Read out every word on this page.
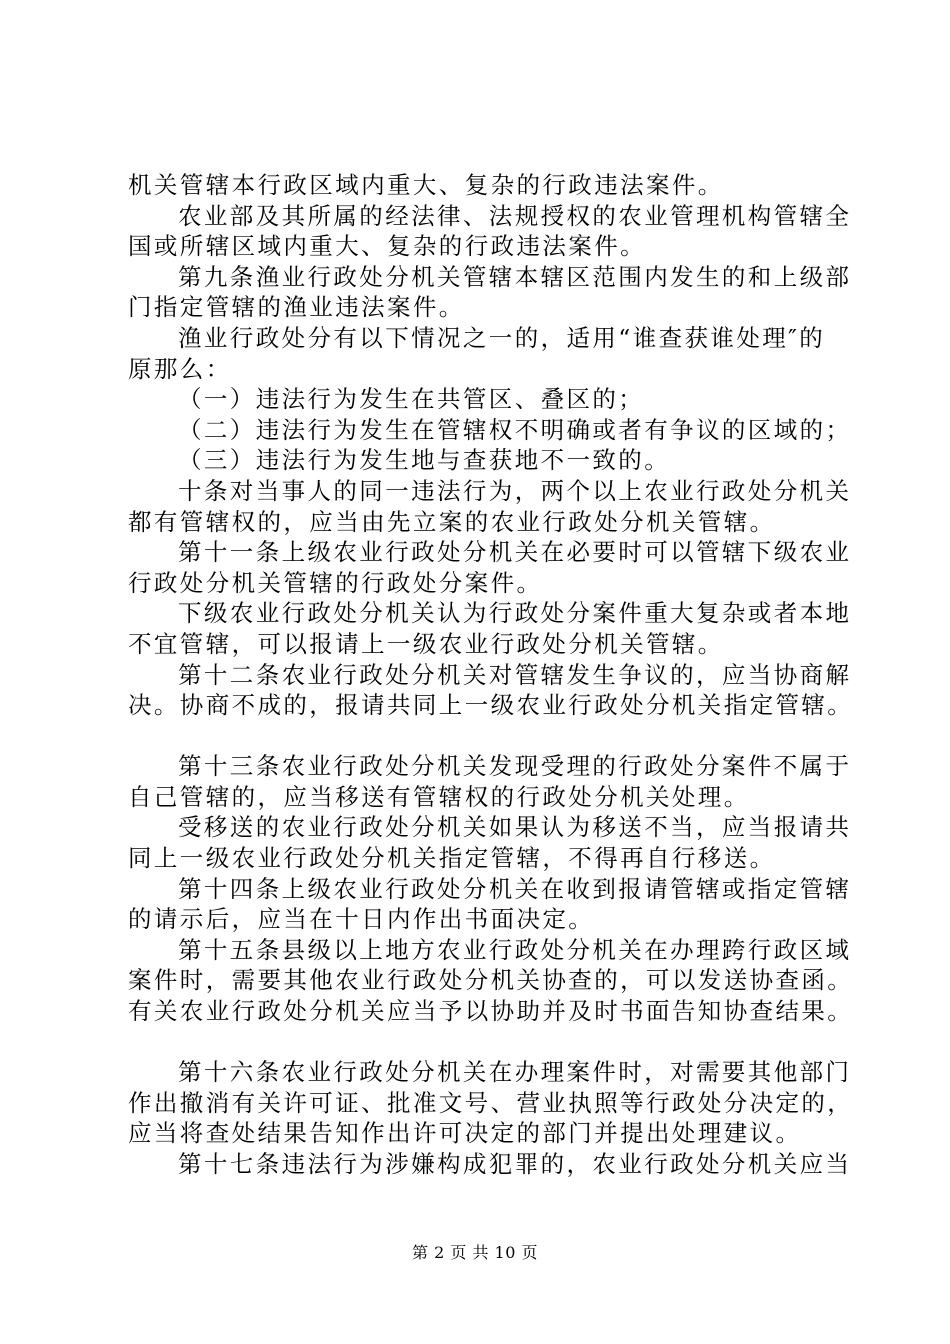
机关管辖本行政区域内重大、复杂的行政违法案件。
农业部及其所属的经法律、法规授权的农业管理机构管辖全
国或所辖区域内重大、复杂的行政违法案件。
第九条渔业行政处分机关管辖本辖区范围内发生的和上级部
门指定管辖的渔业违法案件。
渔业行政处分有以下情况之一的，适用“谁查获谁处理″的
原那么：
（一）违法行为发生在共管区、叠区的；
（二）违法行为发生在管辖权不明确或者有争议的区域的；
（三）违法行为发生地与查获地不一致的。
十条对当事人的同一违法行为，两个以上农业行政处分机关
都有管辖权的，应当由先立案的农业行政处分机关管辖。
第十一条上级农业行政处分机关在必要时可以管辖下级农业
行政处分机关管辖的行政处分案件。
下级农业行政处分机关认为行政处分案件重大复杂或者本地
不宜管辖，可以报请上一级农业行政处分机关管辖。
第十二条农业行政处分机关对管辖发生争议的，应当协商解
决。协商不成的，报请共同上一级农业行政处分机关指定管辖。
第十三条农业行政处分机关发现受理的行政处分案件不属于
自己管辖的，应当移送有管辖权的行政处分机关处理。
受移送的农业行政处分机关如果认为移送不当，应当报请共
同上一级农业行政处分机关指定管辖，不得再自行移送。
第十四条上级农业行政处分机关在收到报请管辖或指定管辖
的请示后，应当在十日内作出书面决定。
第十五条县级以上地方农业行政处分机关在办理跨行政区域
案件时，需要其他农业行政处分机关协查的，可以发送协查函。
有关农业行政处分机关应当予以协助并及时书面告知协查结果。
第十六条农业行政处分机关在办理案件时，对需要其他部门
作出撤消有关许可证、批准文号、营业执照等行政处分决定的，
应当将查处结果告知作出许可决定的部门并提出处理建议。
第十七条违法行为涉嫌构成犯罪的，农业行政处分机关应当
第 2 页 共 10 页
